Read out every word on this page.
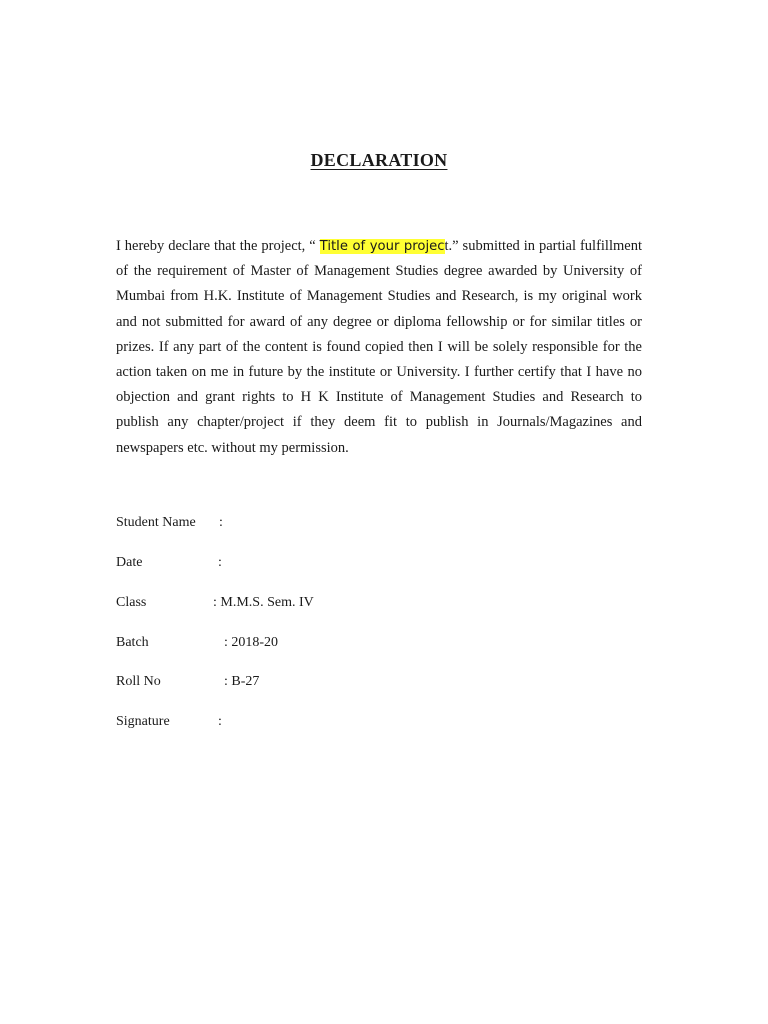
DECLARATION

I hereby declare that the project, “ Title of your project.” submitted in partial fulfillment of the requirement of Master of Management Studies degree awarded by University of Mumbai from H.K. Institute of Management Studies and Research, is my original work and not submitted for award of any degree or diploma fellowship or for similar titles or prizes. If any part of the content is found copied then I will be solely responsible for the action taken on me in future by the institute or University. I further certify that I have no objection and grant rights to H K Institute of Management Studies and Research to publish any chapter/project if they deem fit to publish in Journals/Magazines and newspapers etc. without my permission.

Student Name :
Date	:
Class	: M.M.S. Sem. IV
Batch	: 2018-20
Roll No	: B-27
Signature	:
